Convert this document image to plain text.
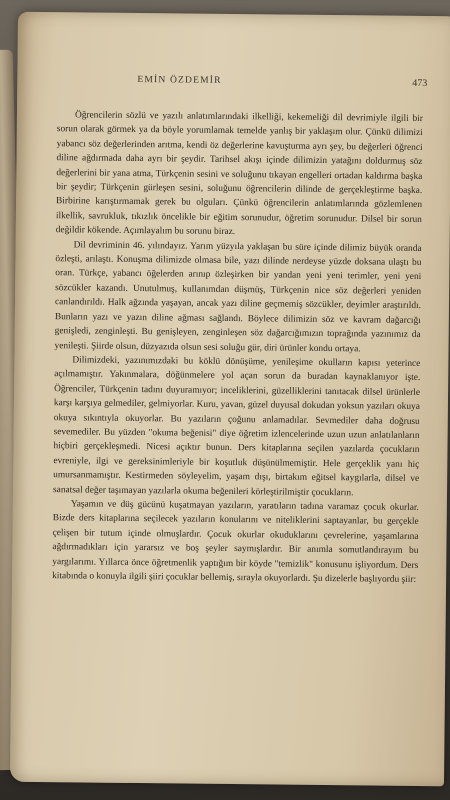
EMİN ÖZDEMİR	473

Öğrencilerin sözlü ve yazılı anlatımlarındaki ilkelliği, kekemeliği dil devrimiyle ilgili bir sorun olarak görmek ya da böyle yorumlamak temelde yanlış bir yaklaşım olur. Çünkü dilimizi yabancı söz değerlerinden arıtma, kendi öz değerlerine kavuşturma ayrı şey, bu değerleri öğrenci diline ağdırmada daha ayrı bir şeydir. Tarihsel akışı içinde dilimizin yatağını doldurmuş söz değerlerini bir yana atma, Türkçenin sesini ve soluğunu tıkayan engelleri ortadan kaldırma başka bir şeydir; Türkçenin gürleşen sesini, soluğunu öğrencilerin dilinde de gerçekleştirme başka. Birbirine karıştırmamak gerek bu olguları. Çünkü öğrencilerin anlatımlarında gözlemlenen ilkellik, savrukluk, tıkızlık öncelikle bir eğitim sorunudur, öğretim sorunudur. Dilsel bir sorun değildir kökende. Açımlayalım bu sorunu biraz.

Dil devriminin 46. yılındayız. Yarım yüzyıla yaklaşan bu süre içinde dilimiz büyük oranda özleşti, arılaştı. Konuşma dilimizde olmasa bile, yazı dilinde nerdeyse yüzde doksana ulaştı bu oran. Türkçe, yabancı öğelerden arınıp özleşirken bir yandan yeni yeni terimler, yeni yeni sözcükler kazandı. Unutulmuş, kullanımdan düşmüş, Türkçenin nice söz değerleri yeniden canlandırıldı. Halk ağzında yaşayan, ancak yazı diline geçmemiş sözcükler, deyimler araştırıldı. Bunların yazı ve yazın diline ağması sağlandı. Böylece dilimizin söz ve kavram dağarcığı genişledi, zenginleşti. Bu genişleyen, zenginleşen söz dağarcığımızın toprağında yazınımız da yenileşti. Şiirde olsun, düzyazıda olsun sesi soluğu gür, diri ürünler kondu ortaya.

Dilimizdeki, yazınımızdaki bu köklü dönüşüme, yenileşime okulların kapısı yeterince açılmamıştır. Yakınmalara, döğünmelere yol açan sorun da buradan kaynaklanıyor işte. Öğrenciler, Türkçenin tadını duyuramıyor; inceliklerini, güzelliklerini tanıtacak dilsel ürünlerle karşı karşıya gelmediler, gelmiyorlar. Kuru, yavan, güzel duyusal dokudan yoksun yazıları okuya okuya sıkıntıyla okuyorlar. Bu yazıların çoğunu anlamadılar. Sevmediler daha doğrusu sevemediler. Bu yüzden "okuma beğenisi" diye öğretim izlencelerinde uzun uzun anlatılanların hiçbiri gerçekleşmedi. Nicesi açıktır bunun. Ders kitaplarına seçilen yazılarda çocukların evreniyle, ilgi ve gereksinimleriyle bir koşutluk düşünülmemiştir. Hele gerçeklik yanı hiç umursanmamıştır. Kestirmeden söyleyelim, yaşam dışı, birtakım eğitsel kaygılarla, dilsel ve sanatsal değer taşımayan yazılarla okuma beğenileri körleştirilmiştir çocukların.

Yaşamın ve düş gücünü kuşatmayan yazıların, yaratıların tadına varamaz çocuk okurlar. Bizde ders kitaplarına seçilecek yazıların konularını ve niteliklerini saptayanlar, bu gerçekle çelişen bir tutum içinde olmuşlardır. Çocuk okurlar okuduklarını çevrelerine, yaşamlarına ağdırmadıkları için yararsız ve boş şeyler saymışlardır. Bir anımla somutlandırayım bu yargılarımı. Yıllarca önce öğretmenlik yaptığım bir köyde "temizlik" konusunu işliyordum. Ders kitabında o konuyla ilgili şiiri çocuklar bellemiş, sırayla okuyorlardı. Şu dizelerle başlıyordu şiir:
